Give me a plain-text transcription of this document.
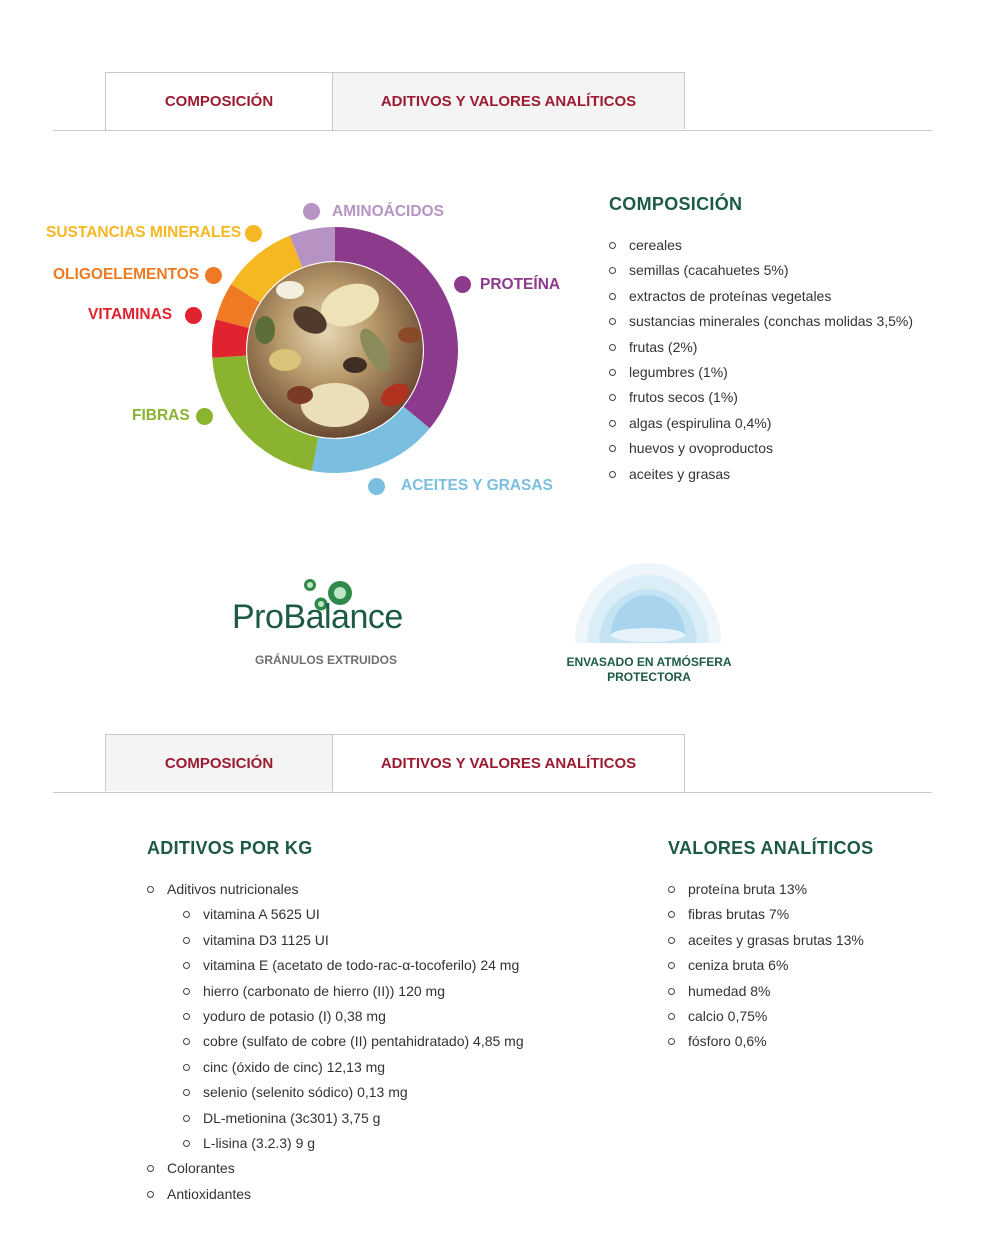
COMPOSICIÓN	ADITIVOS Y VALORES ANALÍTICOS
AMINOÁCIDOS
SUSTANCIAS MINERALES
OLIGOELEMENTOS
VITAMINAS
PROTEÍNA
FIBRAS
ACEITES Y GRASAS
COMPOSICIÓN
cereales
semillas (cacahuetes 5%)
extractos de proteínas vegetales
sustancias minerales (conchas molidas 3,5%)
frutas (2%)
legumbres (1%)
frutos secos (1%)
algas (espirulina 0,4%)
huevos y ovoproductos
aceites y grasas
ProBalance
GRÁNULOS EXTRUIDOS	ENVASADO EN ATMÓSFERA
PROTECTORA
COMPOSICIÓN	ADITIVOS Y VALORES ANALÍTICOS
ADITIVOS POR KG
Aditivos nutricionales
vitamina A 5625 UI
vitamina D3 1125 UI
vitamina E (acetato de todo-rac-α-tocoferilo) 24 mg
hierro (carbonato de hierro (II)) 120 mg
yoduro de potasio (I) 0,38 mg
cobre (sulfato de cobre (II) pentahidratado) 4,85 mg
cinc (óxido de cinc) 12,13 mg
selenio (selenito sódico) 0,13 mg
DL-metionina (3c301) 3,75 g
L-lisina (3.2.3) 9 g
Colorantes
Antioxidantes
VALORES ANALÍTICOS
proteína bruta 13%
fibras brutas 7%
aceites y grasas brutas 13%
ceniza bruta 6%
humedad 8%
calcio 0,75%
fósforo 0,6%
